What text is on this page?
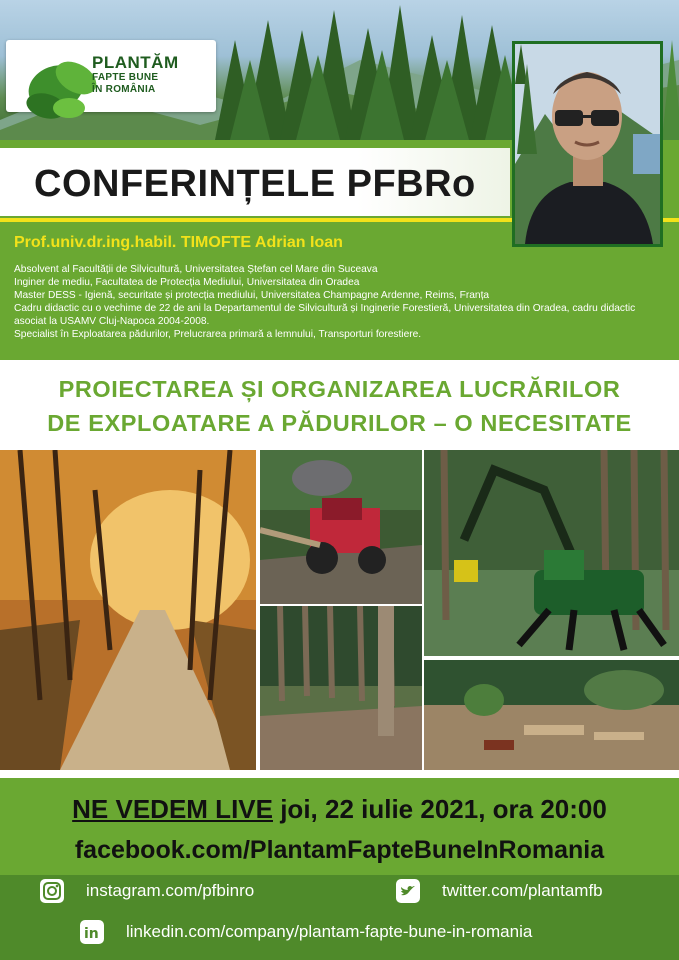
PLANTĂM
FAPTE BUNE
ÎN ROMÂNIA
CONFERINȚELE PFBRo
Prof.univ.dr.ing.habil. TIMOFTE Adrian Ioan
Absolvent al Facultății de Silvicultură, Universitatea Ștefan cel Mare din Suceava
Inginer de mediu, Facultatea de Protecția Mediului, Universitatea din Oradea
Master DESS - Igienă, securitate și protecția mediului, Universitatea Champagne Ardenne, Reims, Franța
Cadru didactic cu o vechime de 22 de ani la Departamentul de Silvicultură și Inginerie Forestieră, Universitatea din Oradea, cadru didactic asociat la USAMV Cluj-Napoca 2004-2008.
Specialist în Exploatarea pădurilor, Prelucrarea primară a lemnului, Transporturi forestiere.
PROIECTAREA ȘI ORGANIZAREA LUCRĂRILOR
DE EXPLOATARE A PĂDURILOR – O NECESITATE
NE VEDEM LIVE joi, 22 iulie 2021, ora 20:00
facebook.com/PlantamFapteBuneInRomania
instagram.com/pfbinro	twitter.com/plantamfb
in linkedin.com/company/plantam-fapte-bune-in-romania
